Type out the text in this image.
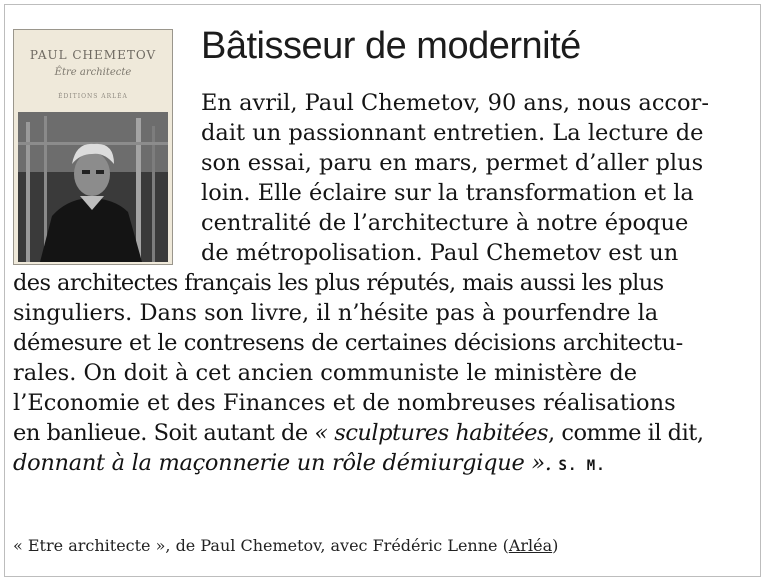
PAUL CHEMETOV
Être architecte
ÉDITIONS ARLÉA
Bâtisseur de modernité
En avril, Paul Chemetov, 90 ans, nous accor-
dait un passionnant entretien. La lecture de
son essai, paru en mars, permet d’aller plus
loin. Elle éclaire sur la transformation et la
centralité de l’architecture à notre époque
de métropolisation. Paul Chemetov est un
des architectes français les plus réputés, mais aussi les plus
singuliers. Dans son livre, il n’hésite pas à pourfendre la
démesure et le contresens de certaines décisions architectu-
rales. On doit à cet ancien communiste le ministère de
l’Economie et des Finances et de nombreuses réalisations
en banlieue. Soit autant de « sculptures habitées, comme il dit,
donnant à la maçonnerie un rôle démiurgique ». S. M.
« Etre architecte », de Paul Chemetov, avec Frédéric Lenne (Arléa)
